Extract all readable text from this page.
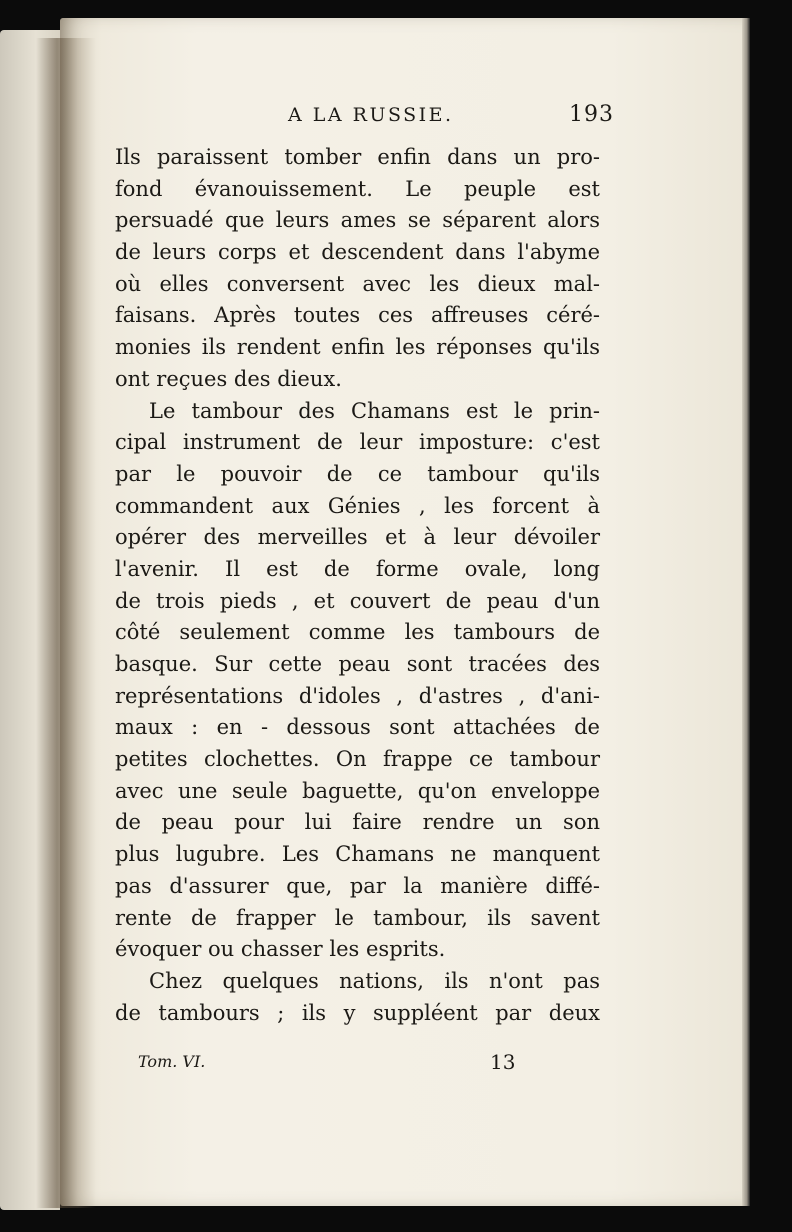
A LA RUSSIE.	193
Ils paraissent tomber enfin dans un pro-
fond évanouissement. Le peuple est
persuadé que leurs ames se séparent alors
de leurs corps et descendent dans l'abyme
où elles conversent avec les dieux mal-
faisans. Après toutes ces affreuses céré-
monies ils rendent enfin les réponses qu'ils
ont reçues des dieux.
Le tambour des Chamans est le prin-
cipal instrument de leur imposture: c'est
par le pouvoir de ce tambour qu'ils
commandent aux Génies , les forcent à
opérer des merveilles et à leur dévoiler
l'avenir. Il est de forme ovale, long
de trois pieds , et couvert de peau d'un
côté seulement comme les tambours de
basque. Sur cette peau sont tracées des
représentations d'idoles , d'astres , d'ani-
maux : en - dessous sont attachées de
petites clochettes. On frappe ce tambour
avec une seule baguette, qu'on enveloppe
de peau pour lui faire rendre un son
plus lugubre. Les Chamans ne manquent
pas d'assurer que, par la manière diffé-
rente de frapper le tambour, ils savent
évoquer ou chasser les esprits.
Chez quelques nations, ils n'ont pas
de tambours ; ils y suppléent par deux
Tom. VI.	13
